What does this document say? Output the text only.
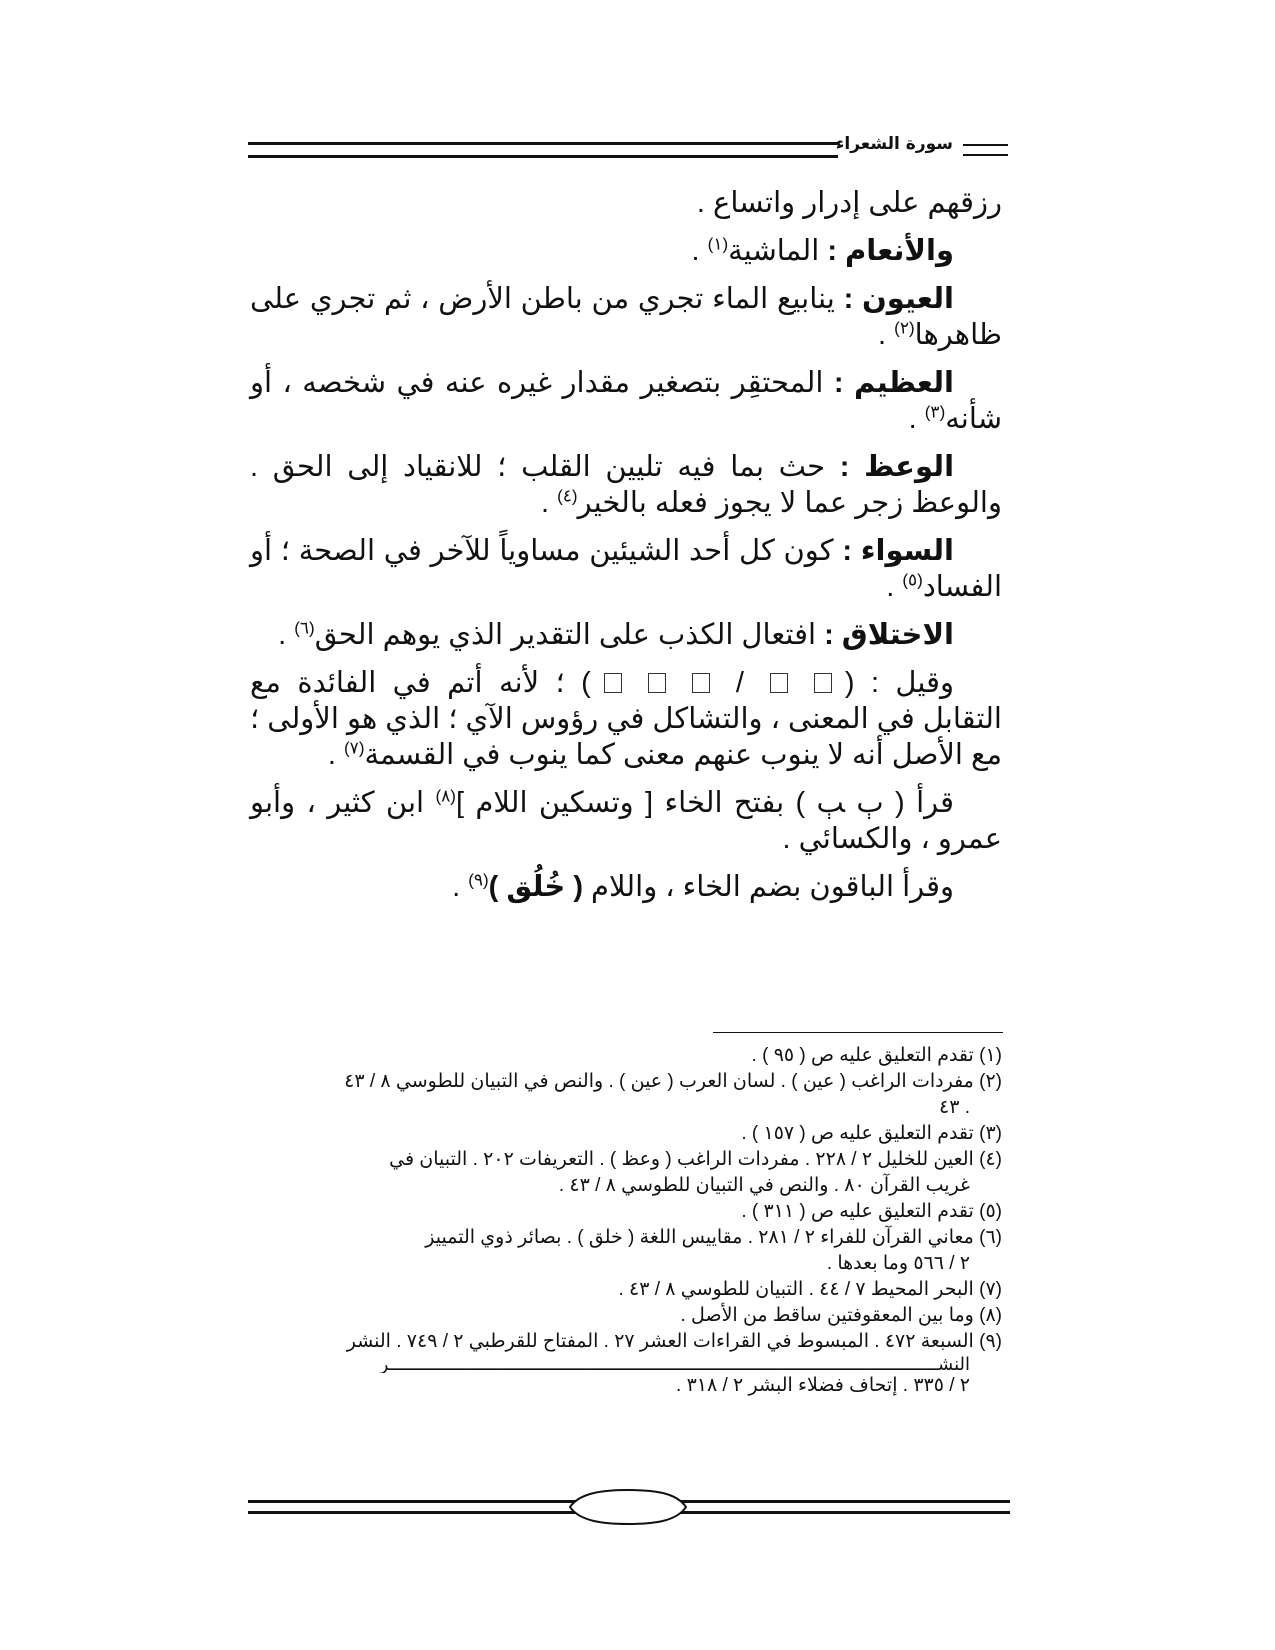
سورة الشعراء

رزقهم على إدرار واتساع .

والأنعام : الماشية$^{(١)}$ .

العيون : ينابيع الماء تجري من باطن الأرض ، ثم تجري على ظاهرها$^{(٢)}$ .

العظيم : المحتقِر بتصغير مقدار غيره عنه في شخصه ، أو شأنه$^{(٣)}$ .

الوعظ : حث بما فيه تليين القلب ؛ للانقياد إلى الحق . والوعظ زجر عما لا يجوز فعله بالخير$^{(٤)}$ .

السواء : كون كل أحد الشيئين مساوياً للآخر في الصحة ؛ أو الفساد$^{(٥)}$ .

الاختلاق : افتعال الكذب على التقدير الذي يوهم الحق$^{(٦)}$ .

وقيل : (/) ؛ لأنه أتم في الفائدة مع التقابل في المعنى ، والتشاكل في رؤوس الآي ؛ الذي هو الأولى ؛ مع الأصل أنه لا ينوب عنهم معنى كما ينوب في القسمة$^{(٧)}$ .

قرأ ( ﭒ ﭓ ) بفتح الخاء [ وتسكين اللام ]$^{(٨)}$ ابن كثير ، وأبو عمرو ، والكسائي .

وقرأ الباقون بضم الخاء ، واللام ( خُلُق )$^{(٩)}$ .

(١) تقدم التعليق عليه ص ( ٩٥ ) .

(٢) مفردات الراغب ( عين ) . لسان العرب ( عين ) . والنص في التبيان للطوسي ٨ / ٤٣

. ٤٣

(٣) تقدم التعليق عليه ص ( ١٥٧ ) .

(٤) العين للخليل ٢ / ٢٢٨ . مفردات الراغب ( وعظ ) . التعريفات ٢٠٢ . التبيان في

غريب القرآن ٨٠ . والنص في التبيان للطوسي ٨ / ٤٣ .

(٥) تقدم التعليق عليه ص ( ٣١١ ) .

(٦) معاني القرآن للفراء ٢ / ٢٨١ . مقاييس اللغة ( خلق ) . بصائر ذوي التمييز

٢ / ٥٦٦ وما بعدها .

(٧) البحر المحيط ٧ / ٤٤ . التبيان للطوسي ٨ / ٤٣ .

(٨) وما بين المعقوفتين ساقط من الأصل .

(٩) السبعة ٤٧٢ . المبسوط في القراءات العشر ٢٧ . المفتاح للقرطبي ٢ / ٧٤٩ . النشر

النشــــــــــــــــــــــــــــــــــــــــــــــــــــــــــــــــــــــــــــــــــــــــــــــــــــــــر

٢ / ٣٣٥ . إتحاف فضلاء البشر ٢ / ٣١٨ .
